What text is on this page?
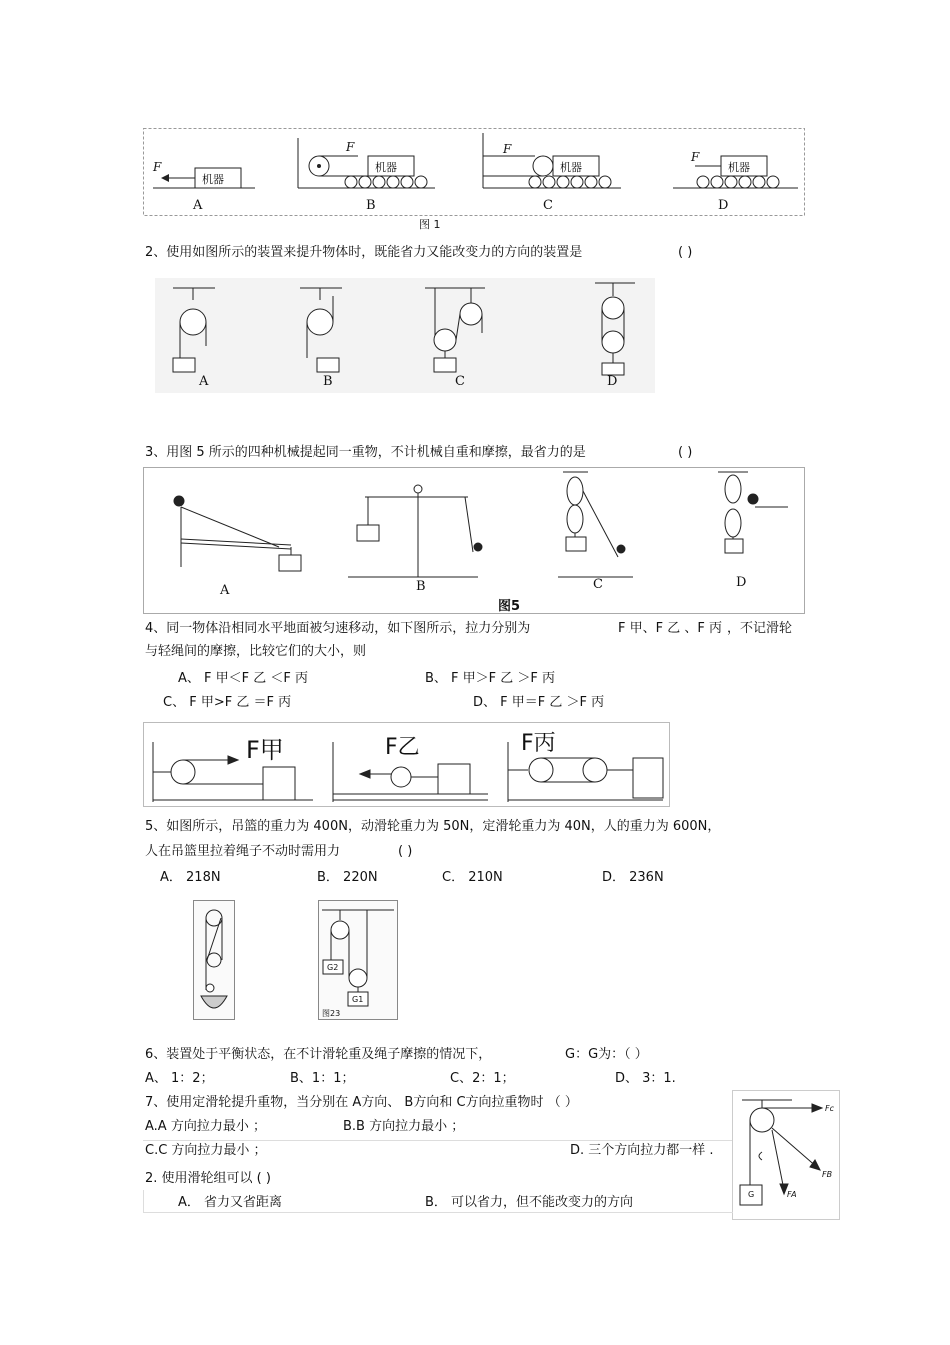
F
机器
F
机器
F
机器
F
机器
A	B	C	D
图 1
2、使用如图所示的装置来提升物体时，既能省力又能改变力的方向的装置是	( )
A	B	C	D
3、用图 5 所示的四种机械提起同一重物，不计机械自重和摩擦，最省力的是	( )
A	B	C	D
图5
4、同一物体沿相同水平地面被匀速移动，如下图所示，拉力分别为	F 甲、F 乙 、F 丙 ，不记滑轮
与轻绳间的摩擦，比较它们的大小，则
A、 F 甲＜F 乙 ＜F 丙	B、 F 甲＞F 乙 ＞F 丙
C、 F 甲>F 乙 ＝F 丙	D、 F 甲＝F 乙 ＞F 丙
F甲	F乙	F丙
5、如图所示，吊篮的重力为 400N，动滑轮重力为 50N，定滑轮重力为 40N，人的重力为 600N，
人在吊篮里拉着绳子不动时需用力	( )
A． 218N	B． 220N	C． 210N	D． 236N
G2
G1
图23
6、装置处于平衡状态，在不计滑轮重及绳子摩擦的情况下，	G：G为：（ ）
A、 1：2；	B、1：1；	C、2：1；	D、 3：1.
7、使用定滑轮提升重物，当分别在 A方向、 B方向和 C方向拉重物时 （ ）
A.A 方向拉力最小 ；	B.B 方向拉力最小 ；
C.C 方向拉力最小 ；	D. 三个方向拉力都一样 .
Fc
FB
FA
G
2. 使用滑轮组可以 ( )
A． 省力又省距离	B． 可以省力，但不能改变力的方向
